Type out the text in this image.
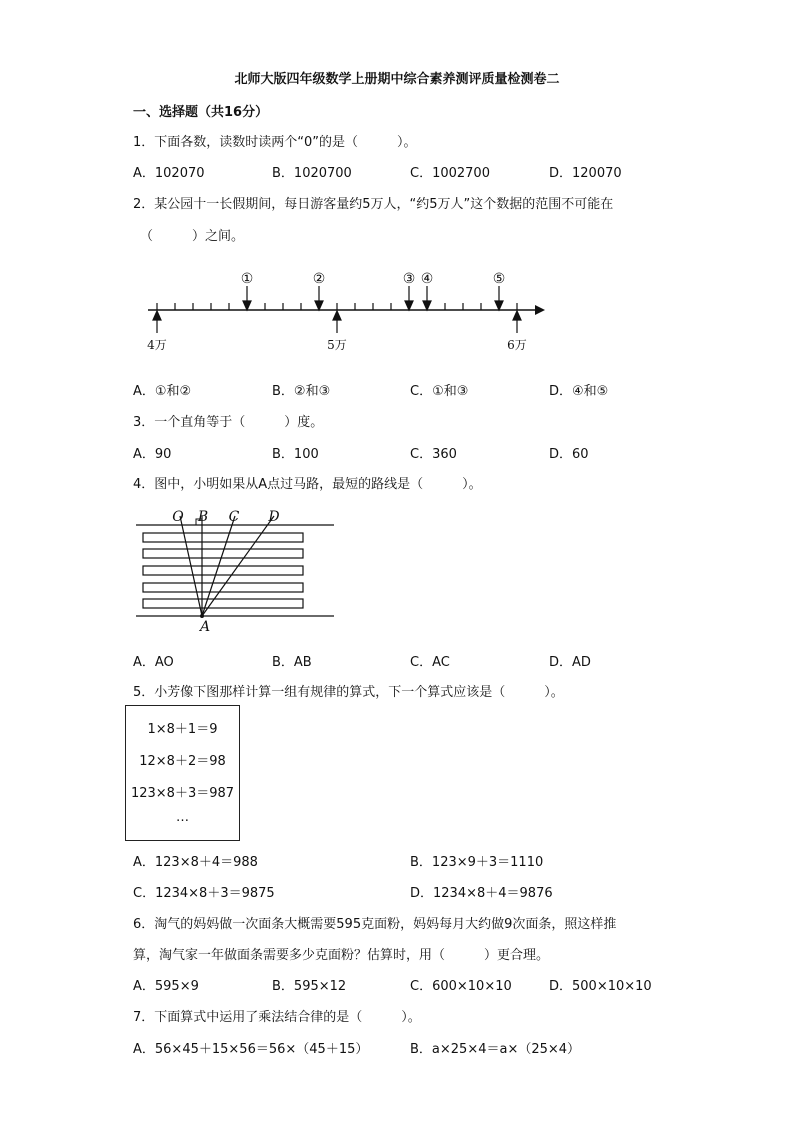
北师大版四年级数学上册期中综合素养测评质量检测卷二
一、选择题（共16分）
1．下面各数，读数时读两个“0”的是（　　　）。
A．102070	B．1020700	C．1002700	D．120070
2．某公园十一长假期间，每日游客量约5万人，“约5万人”这个数据的范围不可能在
（　　　）之间。
①	②	③ ④	⑤
4万	5万	6万
A．①和②	B．②和③	C．①和③	D．④和⑤
3．一个直角等于（　　　）度。
A．90	B．100	C．360	D．60
4．图中，小明如果从A点过马路，最短的路线是（　　　）。
O B C D
A
A．AO	B．AB	C．AC	D．AD
5．小芳像下图那样计算一组有规律的算式，下一个算式应该是（　　　）。
1×8＋1＝9
12×8＋2＝98
123×8＋3＝987
…
A．123×8＋4＝988	B．123×9＋3＝1110
C．1234×8＋3＝9875	D．1234×8＋4＝9876
6．淘气的妈妈做一次面条大概需要595克面粉，妈妈每月大约做9次面条，照这样推
算，淘气家一年做面条需要多少克面粉？估算时，用（　　　）更合理。
A．595×9	B．595×12	C．600×10×10	D．500×10×10
7．下面算式中运用了乘法结合律的是（　　　）。
A．56×45＋15×56＝56×（45＋15）	B．a×25×4＝a×（25×4）
